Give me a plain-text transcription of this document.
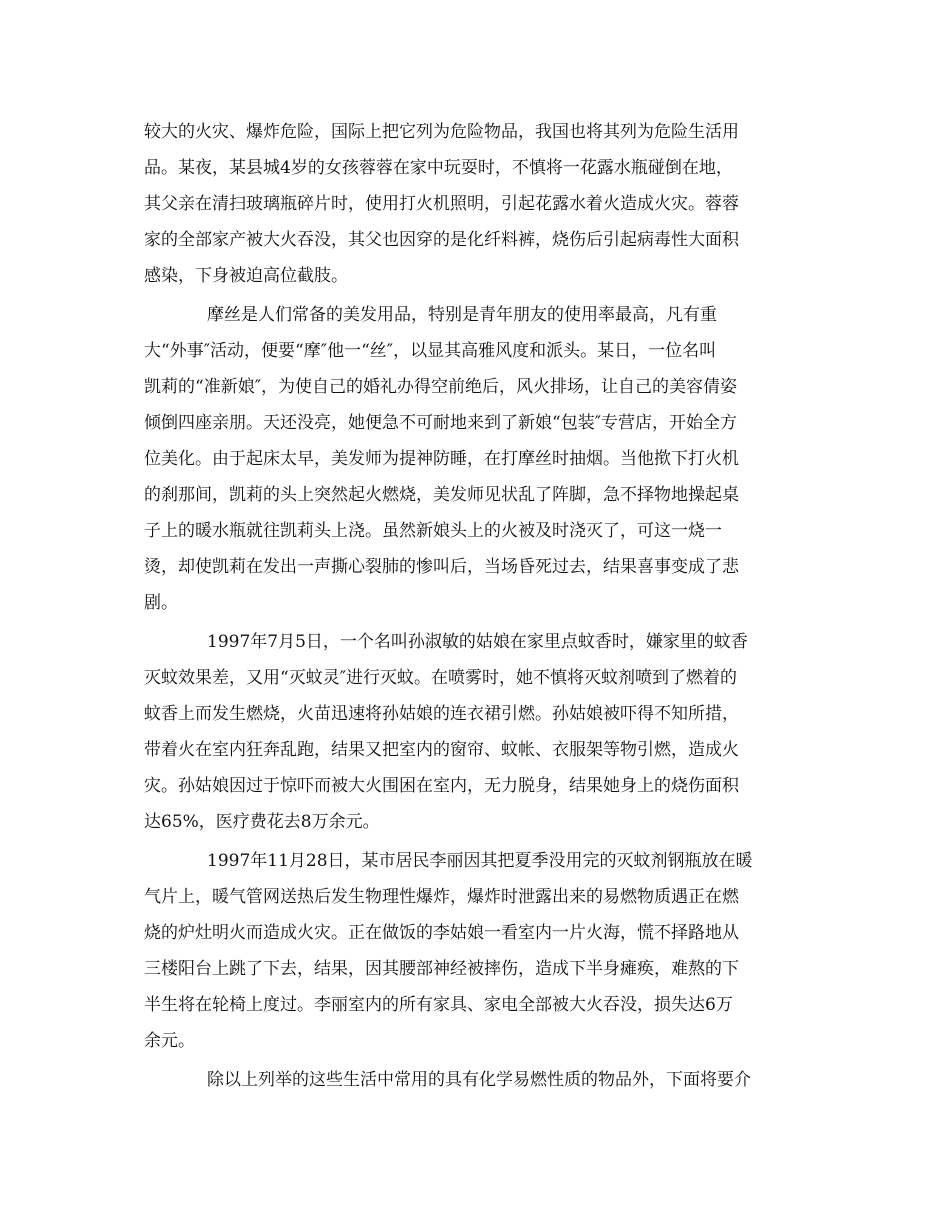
较大的火灾、爆炸危险，国际上把它列为危险物品，我国也将其列为危险生活用
品。某夜，某县城4岁的女孩蓉蓉在家中玩耍时，不慎将一花露水瓶碰倒在地，
其父亲在清扫玻璃瓶碎片时，使用打火机照明，引起花露水着火造成火灾。蓉蓉
家的全部家产被大火吞没，其父也因穿的是化纤料裤，烧伤后引起病毒性大面积
感染，下身被迫高位截肢。
摩丝是人们常备的美发用品，特别是青年朋友的使用率最高，凡有重
大“外事″活动，便要“摩″他一“丝″，以显其高雅风度和派头。某日，一位名叫
凯莉的“准新娘″，为使自己的婚礼办得空前绝后，风火排场，让自己的美容倩姿
倾倒四座亲朋。天还没亮，她便急不可耐地来到了新娘“包装″专营店，开始全方
位美化。由于起床太早，美发师为提神防睡，在打摩丝时抽烟。当他揿下打火机
的刹那间，凯莉的头上突然起火燃烧，美发师见状乱了阵脚，急不择物地操起桌
子上的暖水瓶就往凯莉头上浇。虽然新娘头上的火被及时浇灭了，可这一烧一
烫，却使凯莉在发出一声撕心裂肺的惨叫后，当场昏死过去，结果喜事变成了悲
剧。
1997年7月5日，一个名叫孙淑敏的姑娘在家里点蚊香时，嫌家里的蚊香
灭蚊效果差，又用“灭蚊灵″进行灭蚊。在喷雾时，她不慎将灭蚊剂喷到了燃着的
蚊香上而发生燃烧，火苗迅速将孙姑娘的连衣裙引燃。孙姑娘被吓得不知所措，
带着火在室内狂奔乱跑，结果又把室内的窗帘、蚊帐、衣服架等物引燃，造成火
灾。孙姑娘因过于惊吓而被大火围困在室内，无力脱身，结果她身上的烧伤面积
达65%，医疗费花去8万余元。
1997年11月28日，某市居民李丽因其把夏季没用完的灭蚊剂钢瓶放在暖
气片上，暖气管网送热后发生物理性爆炸，爆炸时泄露出来的易燃物质遇正在燃
烧的炉灶明火而造成火灾。正在做饭的李姑娘一看室内一片火海，慌不择路地从
三楼阳台上跳了下去，结果，因其腰部神经被摔伤，造成下半身瘫痪，难熬的下
半生将在轮椅上度过。李丽室内的所有家具、家电全部被大火吞没，损失达6万
余元。
除以上列举的这些生活中常用的具有化学易燃性质的物品外，下面将要介
